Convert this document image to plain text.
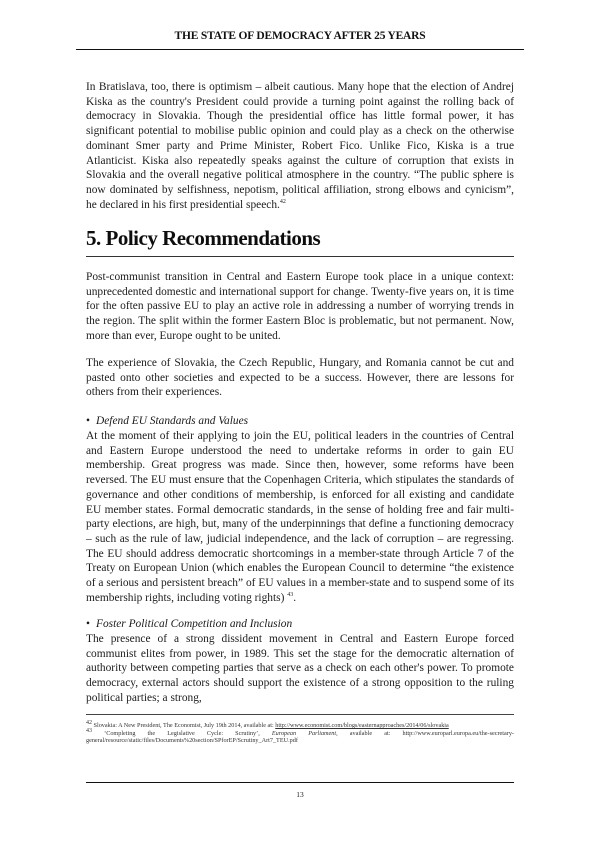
THE STATE OF DEMOCRACY AFTER 25 YEARS
In Bratislava, too, there is optimism – albeit cautious. Many hope that the election of Andrej Kiska as the country's President could provide a turning point against the rolling back of democracy in Slovakia. Though the presidential office has little formal power, it has significant potential to mobilise public opinion and could play as a check on the otherwise dominant Smer party and Prime Minister, Robert Fico. Unlike Fico, Kiska is a true Atlanticist. Kiska also repeatedly speaks against the culture of corruption that exists in Slovakia and the overall negative political atmosphere in the country. “The public sphere is now dominated by selfishness, nepotism, political affiliation, strong elbows and cynicism”, he declared in his first presidential speech.$^{42}$
5. Policy Recommendations
Post-communist transition in Central and Eastern Europe took place in a unique context: unprecedented domestic and international support for change. Twenty-five years on, it is time for the often passive EU to play an active role in addressing a number of worrying trends in the region. The split within the former Eastern Bloc is problematic, but not permanent. Now, more than ever, Europe ought to be united.
The experience of Slovakia, the Czech Republic, Hungary, and Romania cannot be cut and pasted onto other societies and expected to be a success. However, there are lessons for others from their experiences.
• Defend EU Standards and Values
At the moment of their applying to join the EU, political leaders in the countries of Central and Eastern Europe understood the need to undertake reforms in order to gain EU membership. Great progress was made. Since then, however, some reforms have been reversed. The EU must ensure that the Copenhagen Criteria, which stipulates the standards of governance and other conditions of membership, is enforced for all existing and candidate EU member states. Formal democratic standards, in the sense of holding free and fair multi-party elections, are high, but, many of the underpinnings that define a functioning democracy – such as the rule of law, judicial independence, and the lack of corruption – are regressing. The EU should address democratic shortcomings in a member-state through Article 7 of the Treaty on European Union (which enables the European Council to determine “the existence of a serious and persistent breach” of EU values in a member-state and to suspend some of its membership rights, including voting rights) $^{43}$.
• Foster Political Competition and Inclusion
The presence of a strong dissident movement in Central and Eastern Europe forced communist elites from power, in 1989. This set the stage for the democratic alternation of authority between competing parties that serve as a check on each other's power. To promote democracy, external actors should support the existence of a strong opposition to the ruling political parties; a strong,
$^{42}$ Slovakia: A New President, The Economist, July 19th 2014, available at: http://www.economist.com/blogs/easternapproaches/2014/06/slovakia
$^{43}$ ‘Completing the Legislative Cycle: Scrutiny’, European Parliament, available at: http://www.europarl.europa.eu/the-secretary-general/resource/static/files/Documents%20section/SPforEP/Scrutiny_Art7_TEU.pdf
13
